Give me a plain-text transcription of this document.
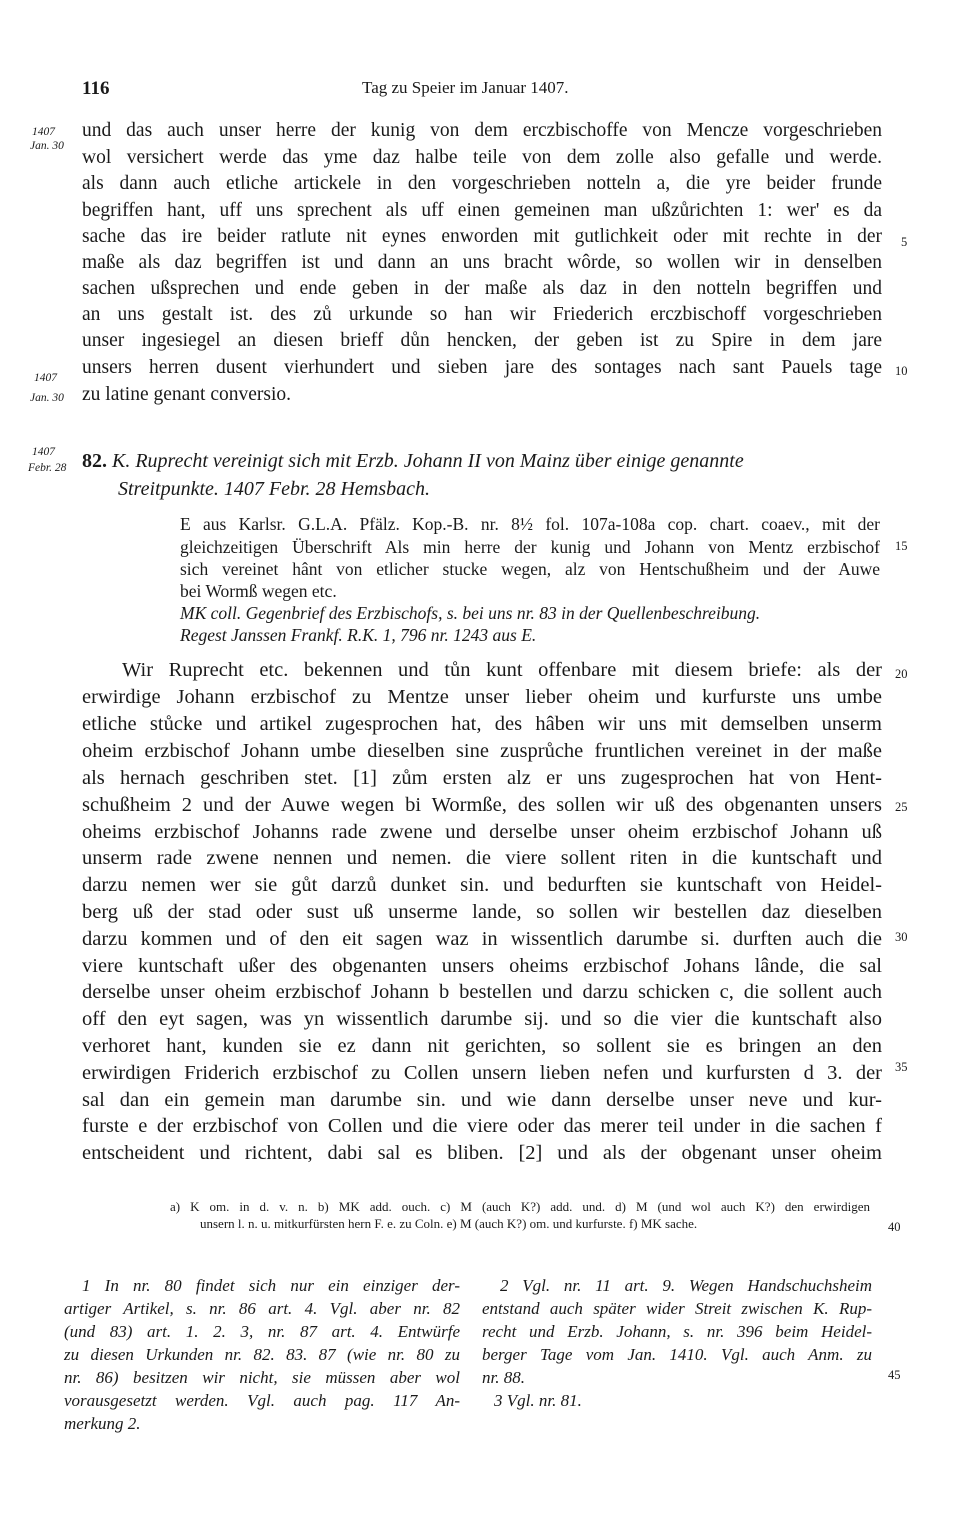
116	Tag zu Speier im Januar 1407.
1407
Jan. 30
1407
Jan. 30
1407
Febr. 28
5
10
15
20
25
30
35
40
45
und das auch unser herre der kunig von dem erczbischoffe von Mencze vorgeschrieben
wol versichert werde das yme daz halbe teile von dem zolle also gefalle und werde.
als dann auch etliche artickele in den vorgeschrieben notteln a, die yre beider frunde
begriffen hant, uff uns sprechent als uff einen gemeinen man ußzůrichten 1: wer' es da
sache das ire beider ratlute nit eynes enworden mit gutlichkeit oder mit rechte in der
maße als daz begriffen ist und dann an uns bracht wôrde, so wollen wir in denselben
sachen ußsprechen und ende geben in der maße als daz in den notteln begriffen und
an uns gestalt ist. des zů urkunde so han wir Friederich erczbischoff vorgeschrieben
unser ingesiegel an diesen brieff důn hencken, der geben ist zu Spire in dem jare
unsers herren dusent vierhundert und sieben jare des sontages nach sant Pauels tage
zu latine genant conversio.
82. K. Ruprecht vereinigt sich mit Erzb. Johann II von Mainz über einige genannte
Streitpunkte. 1407 Febr. 28 Hemsbach.
E aus Karlsr. G.L.A. Pfälz. Kop.-B. nr. 8½ fol. 107a-108a cop. chart. coaev., mit der
gleichzeitigen Überschrift Als min herre der kunig und Johann von Mentz erzbischof
sich vereinet hânt von etlicher stucke wegen, alz von Hentschußheim und der Auwe
bei Wormß wegen etc.
MK coll. Gegenbrief des Erzbischofs, s. bei uns nr. 83 in der Quellenbeschreibung.
Regest Janssen Frankf. R.K. 1, 796 nr. 1243 aus E.
Wir Ruprecht etc. bekennen und tůn kunt offenbare mit diesem briefe: als der
erwirdige Johann erzbischof zu Mentze unser lieber oheim und kurfurste uns umbe
etliche stůcke und artikel zugesprochen hat, des hâben wir uns mit demselben unserm
oheim erzbischof Johann umbe dieselben sine zusprůche fruntlichen vereinet in der maße
als hernach geschriben stet. [1] zům ersten alz er uns zugesprochen hat von Hent-
schußheim 2 und der Auwe wegen bi Wormße, des sollen wir uß des obgenanten unsers
oheims erzbischof Johanns rade zwene und derselbe unser oheim erzbischof Johann uß
unserm rade zwene nennen und nemen. die viere sollent riten in die kuntschaft und
darzu nemen wer sie gůt darzů dunket sin. und bedurften sie kuntschaft von Heidel-
berg uß der stad oder sust uß unserme lande, so sollen wir bestellen daz dieselben
darzu kommen und of den eit sagen waz in wissentlich darumbe si. durften auch die
viere kuntschaft ußer des obgenanten unsers oheims erzbischof Johans lânde, die sal
derselbe unser oheim erzbischof Johann b bestellen und darzu schicken c, die sollent auch
off den eyt sagen, was yn wissentlich darumbe sij. und so die vier die kuntschaft also
verhoret hant, kunden sie ez dann nit gerichten, so sollent sie es bringen an den
erwirdigen Friderich erzbischof zu Collen unsern lieben nefen und kurfursten d 3. der
sal dan ein gemein man darumbe sin. und wie dann derselbe unser neve und kur-
furste e der erzbischof von Collen und die viere oder das merer teil under in die sachen f
entscheident und richtent, dabi sal es bliben. [2] und als der obgenant unser oheim
a) K om. in d. v. n. b) MK add. ouch. c) M (auch K?) add. und. d) M (und wol auch K?) den erwirdigen
unsern l. n. u. mitkurfürsten hern F. e. zu Coln. e) M (auch K?) om. und kurfurste. f) MK sache.
1 In nr. 80 findet sich nur ein einziger der-
artiger Artikel, s. nr. 86 art. 4. Vgl. aber nr. 82
(und 83) art. 1. 2. 3, nr. 87 art. 4. Entwürfe
zu diesen Urkunden nr. 82. 83. 87 (wie nr. 80 zu
nr. 86) besitzen wir nicht, sie müssen aber wol
vorausgesetzt werden. Vgl. auch pag. 117 An-
merkung 2.
2 Vgl. nr. 11 art. 9. Wegen Handschuchsheim
entstand auch später wider Streit zwischen K. Rup-
recht und Erzb. Johann, s. nr. 396 beim Heidel-
berger Tage vom Jan. 1410. Vgl. auch Anm. zu
nr. 88.
3 Vgl. nr. 81.
